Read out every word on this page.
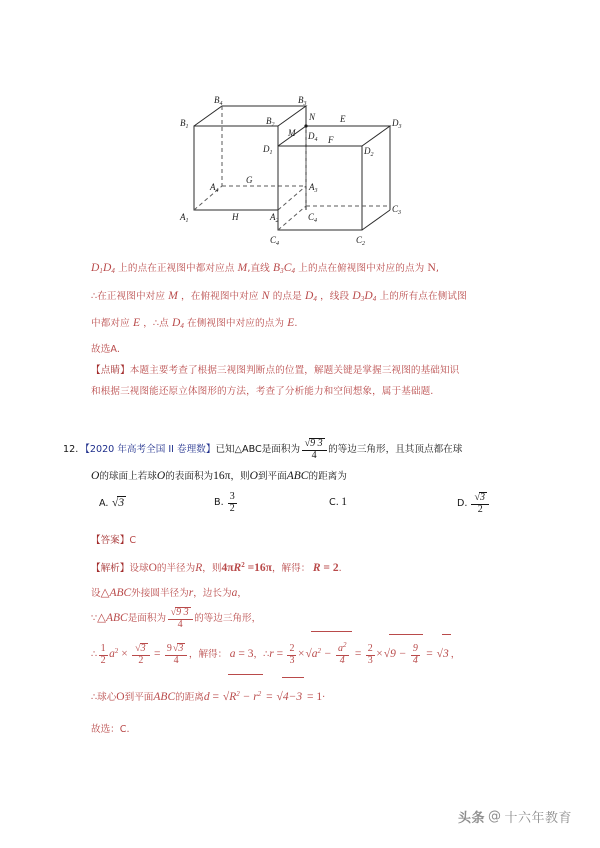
$B_4$	$B_3$
$B_1$
$B_2$
N	E	$D_3$
M $D_4$ F
$D_1$	$D_2$
$A_4$
G
$A_3$
$A_1$	H	$A_2$	$C_4$
$C_3$
$C_4$	$C_2$
$D_1D_4$ 上的点在正视图中都对应点 M,直线 $B_3C_4$ 上的点在俯视图中对应的点为 N,
∴在正视图中对应 M ，在俯视图中对应 N 的点是 $D_4$ ，线段 $D_3D_4$ 上的所有点在侧试图
中都对应 E ，∴点 $D_4$ 在侧视图中对应的点为 E.
故选A.
【点睛】本题主要考查了根据三视图判断点的位置，解题关键是掌握三视图的基础知识
和根据三视图能还原立体图形的方法，考查了分析能力和空间想象，属于基础题.
12. 【2020 年高考全国 II 卷理数】已知△ABC是面积为 $\frac{√9 3}{4}$ 的等边三角形，且其顶点都在球
O的球面上若球O的表面积为16π，则O到平面ABC的距离为
A. √3	B. $\frac{3}{2}$	C. 1	D. $\frac{√3}{2}$
【答案】C
【解析】设球O的半径为R，则$4\pi R^2 =16\pi$，解得： R = 2.
设△ABC外接圆半径为r，边长为a，
∵△ABC是面积为 $\frac{√9 3}{4}$ 的等边三角形，
∴ $\frac{1}{2} a^2 \times \frac{√3}{2} = \frac{9√3}{4}$ ，解得： a = 3，∴r = $\frac{2}{3} \times√a^2 - \frac{a^2}{4} = \frac{2}{3} \times√9 - \frac{9}{4} = √3$ ，
∴球心O到平面ABC的距离$d = √R^2 - r^2 = √4-3 = 1\cdot$
故选：C.
头条 @ 十六年教育
